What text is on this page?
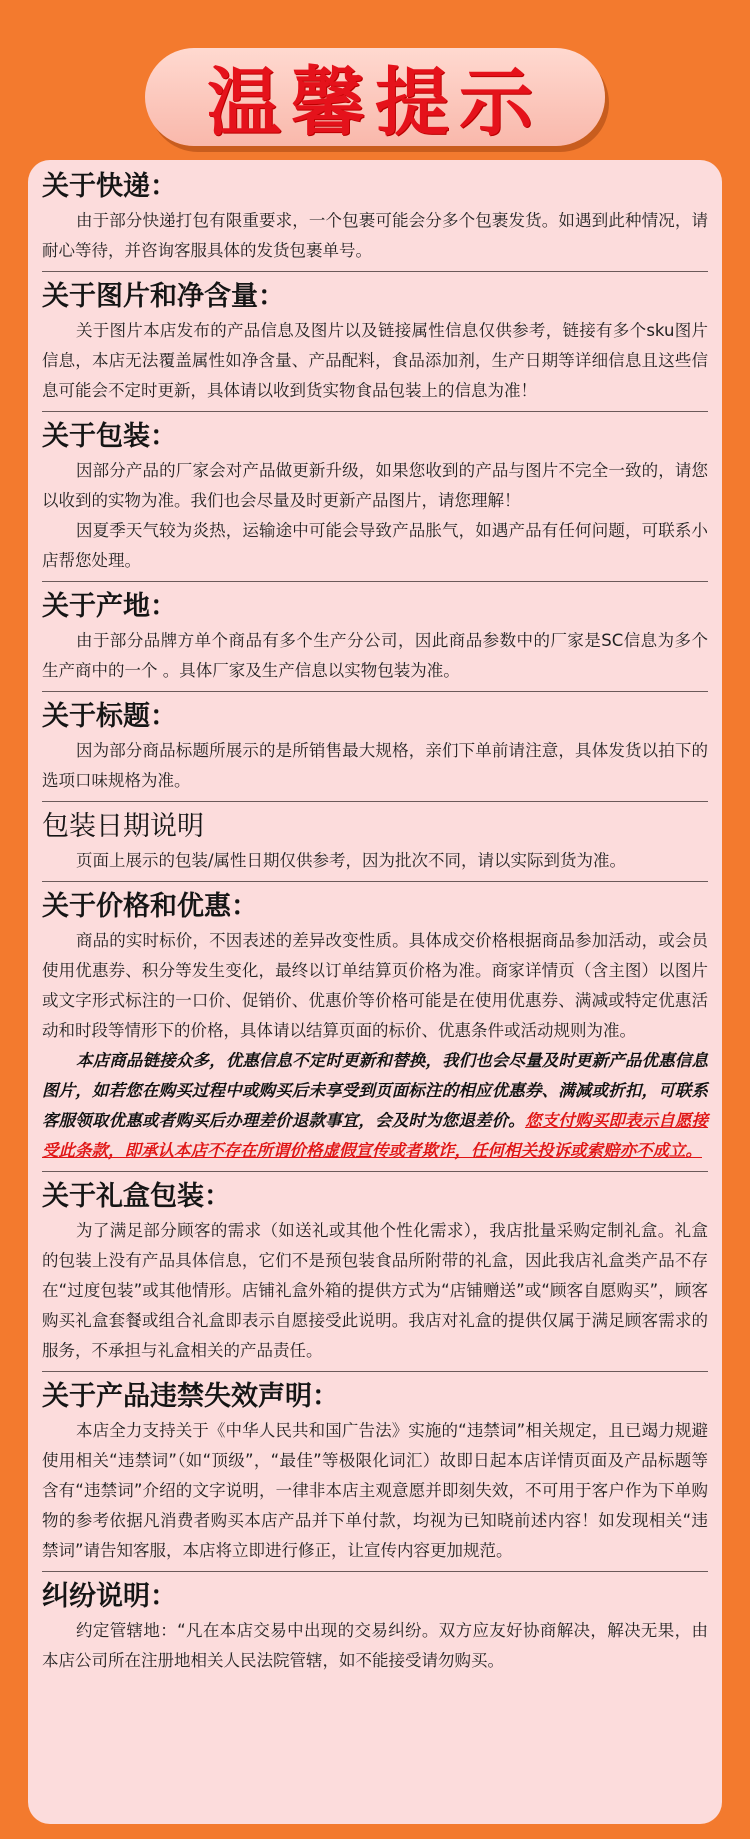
温馨提示
关于快递：

由于部分快递打包有限重要求，一个包裹可能会分多个包裹发货。如遇到此种情况，请耐心等待，并咨询客服具体的发货包裹单号。

关于图片和净含量：

关于图片本店发布的产品信息及图片以及链接属性信息仅供参考，链接有多个sku图片信息，本店无法覆盖属性如净含量、产品配料，食品添加剂，生产日期等详细信息且这些信息可能会不定时更新，具体请以收到货实物食品包装上的信息为准！

关于包装：

因部分产品的厂家会对产品做更新升级，如果您收到的产品与图片不完全一致的，请您以收到的实物为准。我们也会尽量及时更新产品图片，请您理解！

因夏季天气较为炎热，运输途中可能会导致产品胀气，如遇产品有任何问题，可联系小店帮您处理。

关于产地：

由于部分品牌方单个商品有多个生产分公司，因此商品参数中的厂家是SC信息为多个生产商中的一个 。具体厂家及生产信息以实物包装为准。

关于标题：

因为部分商品标题所展示的是所销售最大规格，亲们下单前请注意，具体发货以拍下的选项口味规格为准。

包装日期说明

页面上展示的包装/属性日期仅供参考，因为批次不同，请以实际到货为准。

关于价格和优惠：

商品的实时标价，不因表述的差异改变性质。具体成交价格根据商品参加活动，或会员使用优惠券、积分等发生变化，最终以订单结算页价格为准。商家详情页（含主图）以图片或文字形式标注的一口价、促销价、优惠价等价格可能是在使用优惠券、满减或特定优惠活动和时段等情形下的价格，具体请以结算页面的标价、优惠条件或活动规则为准。

本店商品链接众多，优惠信息不定时更新和替换，我们也会尽量及时更新产品优惠信息图片，如若您在购买过程中或购买后未享受到页面标注的相应优惠券、满减或折扣，可联系客服领取优惠或者购买后办理差价退款事宜，会及时为您退差价。您支付购买即表示自愿接受此条款，即承认本店不存在所谓价格虚假宣传或者欺诈，任何相关投诉或索赔亦不成立。

关于礼盒包装：

为了满足部分顾客的需求（如送礼或其他个性化需求），我店批量采购定制礼盒。礼盒的包装上没有产品具体信息，它们不是预包装食品所附带的礼盒，因此我店礼盒类产品不存在“过度包装”或其他情形。店铺礼盒外箱的提供方式为“店铺赠送”或“顾客自愿购买”，顾客购买礼盒套餐或组合礼盒即表示自愿接受此说明。我店对礼盒的提供仅属于满足顾客需求的服务，不承担与礼盒相关的产品责任。

关于产品违禁失效声明：

本店全力支持关于《中华人民共和国广告法》实施的“违禁词”相关规定，且已竭力规避使用相关“违禁词”（如“顶级”，“最佳”等极限化词汇）故即日起本店详情页面及产品标题等含有“违禁词”介绍的文字说明，一律非本店主观意愿并即刻失效，不可用于客户作为下单购物的参考依据凡消费者购买本店产品并下单付款，均视为已知晓前述内容！如发现相关“违禁词”请告知客服，本店将立即进行修正，让宣传内容更加规范。

纠纷说明：

约定管辖地：“凡在本店交易中出现的交易纠纷。双方应友好协商解决，解决无果，由本店公司所在注册地相关人民法院管辖，如不能接受请勿购买。
